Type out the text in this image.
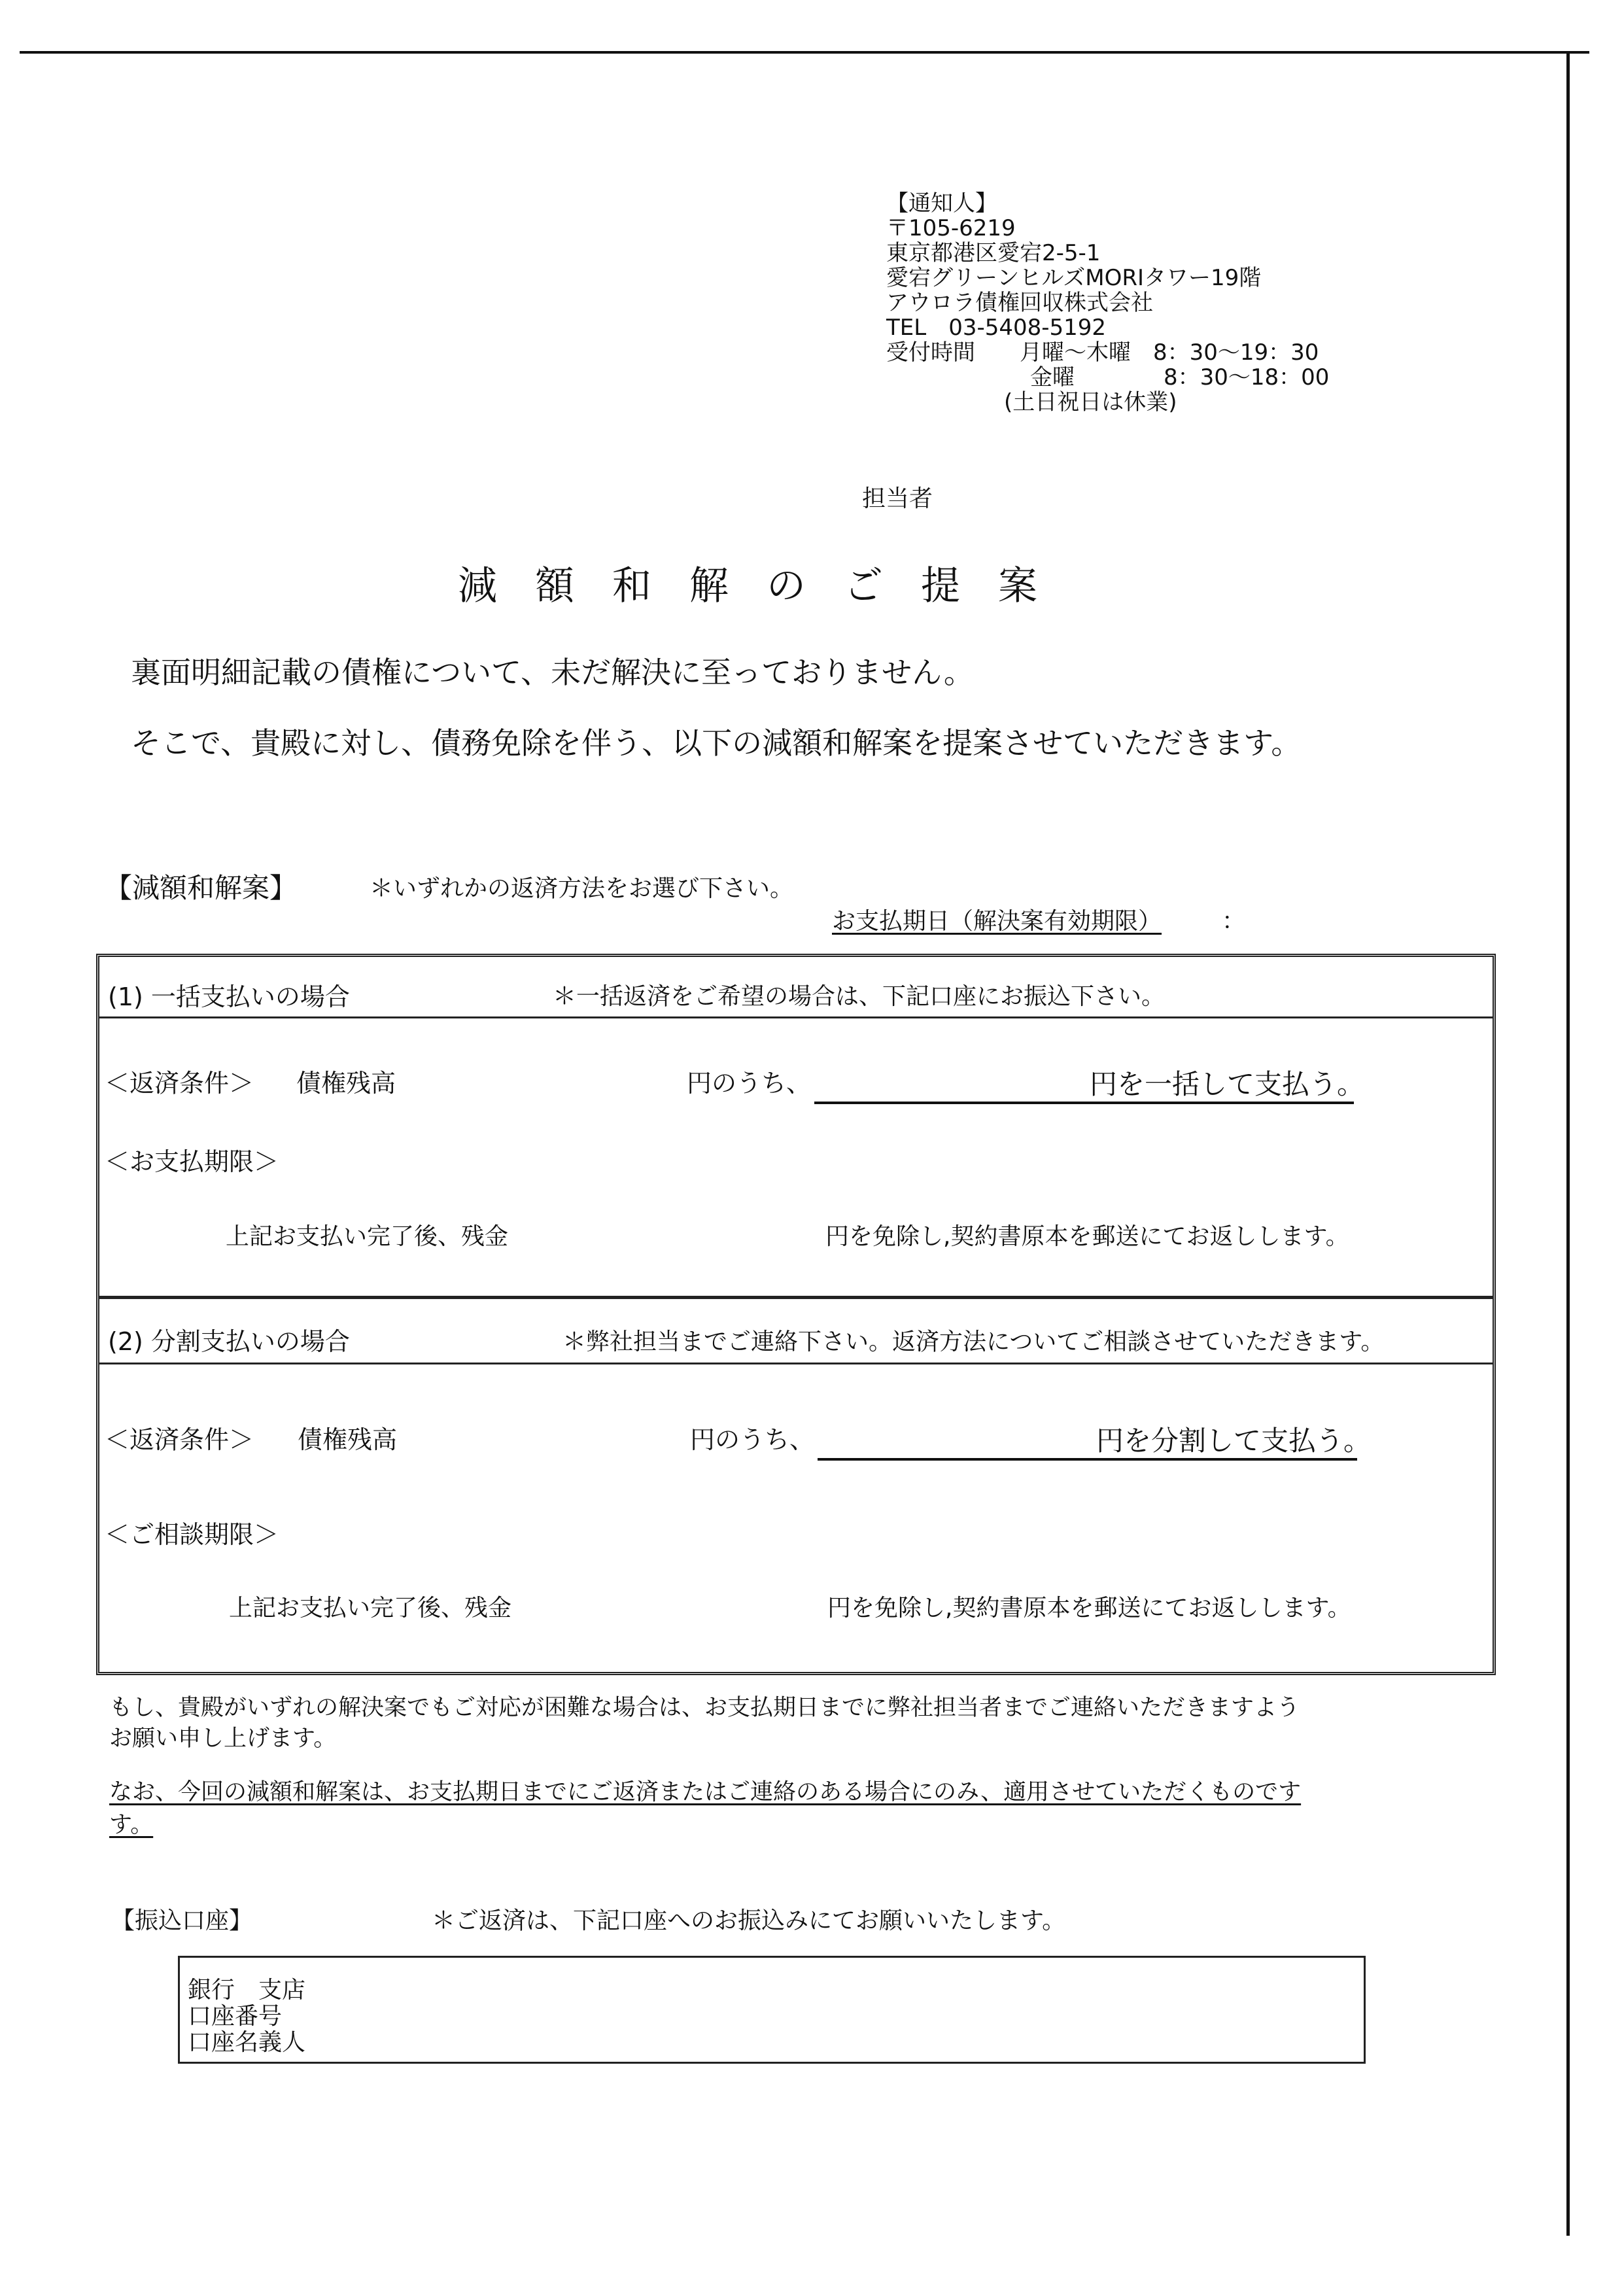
【通知人】
〒105-6219
東京都港区愛宕2-5-1
愛宕グリーンヒルズMORIタワー19階
アウロラ債権回収株式会社
TEL　03-5408-5192
受付時間　　月曜～木曜　8：30～19：30
金曜　　　　8：30～18：00
(土日祝日は休業)
担当者
減額和解のご提案
裏面明細記載の債権について、未だ解決に至っておりません。
そこで、貴殿に対し、債務免除を伴う、以下の減額和解案を提案させていただきます。
【減額和解案】	＊いずれかの返済方法をお選び下さい。
お支払期日（解決案有効期限）	：
(1) 一括支払いの場合	＊一括返済をご希望の場合は、下記口座にお振込下さい。
＜返済条件＞ 債権残高	円のうち、	円を一括して支払う。
＜お支払期限＞
上記お支払い完了後、残金	円を免除し,契約書原本を郵送にてお返しします。
(2) 分割支払いの場合	＊弊社担当までご連絡下さい。返済方法についてご相談させていただきます。
＜返済条件＞ 債権残高	円のうち、	円を分割して支払う。
＜ご相談期限＞
上記お支払い完了後、残金	円を免除し,契約書原本を郵送にてお返しします。
もし、貴殿がいずれの解決案でもご対応が困難な場合は、お支払期日までに弊社担当者までご連絡いただきますよう
お願い申し上げます。
なお、今回の減額和解案は、お支払期日までにご返済またはご連絡のある場合にのみ、適用させていただくものです
す。
【振込口座】	＊ご返済は、下記口座へのお振込みにてお願いいたします。
銀行　支店
口座番号
口座名義人
